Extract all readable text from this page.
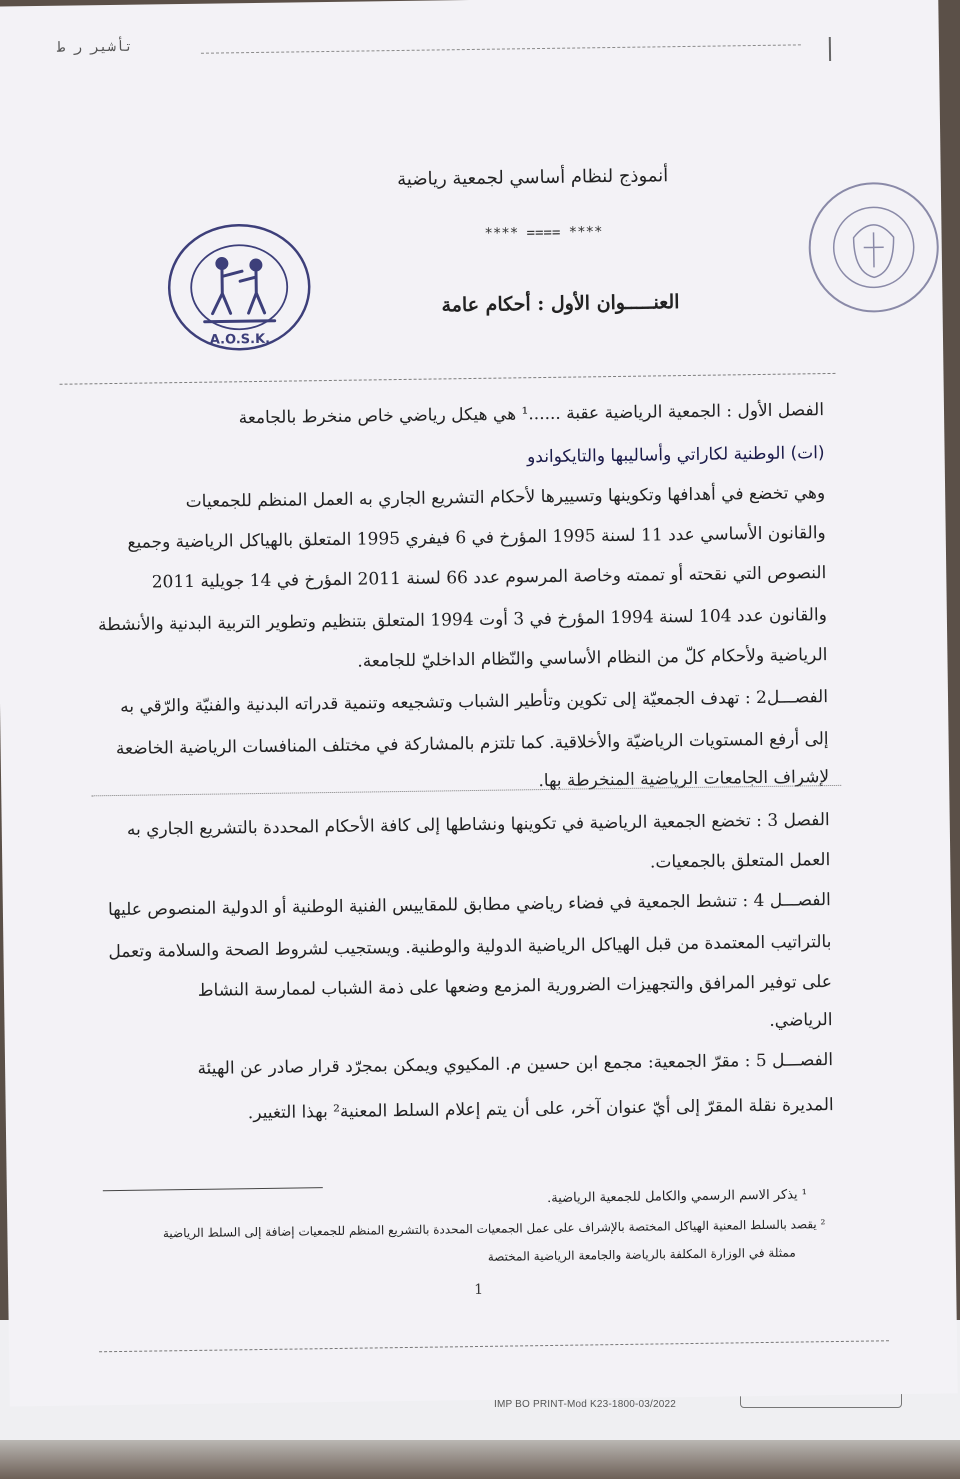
IMP BO PRINT-Mod K23-1800-03/2022
ﺗﺄﺷﻴﺮ ﺭ ﻁ
أنموذج لنظام أساسي لجمعية رياضية
**** ==== ****
العنـــــوان الأول : أحكام عامة
A.O.S.K.
الفصل الأول : الجمعية الرياضية عقبة ......¹ هي هيكل رياضي خاص منخرط بالجامعة
(ات) الوطنية لكاراتي وأساليبها والتايكواندو
وهي تخضع في أهدافها وتكوينها وتسييرها لأحكام التشريع الجاري به العمل المنظم للجمعيات
والقانون الأساسي عدد 11 لسنة 1995 المؤرخ في 6 فيفري 1995 المتعلق بالهياكل الرياضية وجميع
النصوص التي نقحته أو تممته وخاصة المرسوم عدد 66 لسنة 2011 المؤرخ في 14 جويلية 2011
والقانون عدد 104 لسنة 1994 المؤرخ في 3 أوت 1994 المتعلق بتنظيم وتطوير التربية البدنية والأنشطة
الرياضية ولأحكام كلّ من النظام الأساسي والنّظام الداخليّ للجامعة.
الفصـــل2 : تهدف الجمعيّة إلى تكوين وتأطير الشباب وتشجيعه وتنمية قدراته البدنية والفنيّة والرّقي به
إلى أرفع المستويات الرياضيّة والأخلاقية. كما تلتزم بالمشاركة في مختلف المنافسات الرياضية الخاضعة
لإشراف الجامعات الرياضية المنخرطة بها.
الفصل 3 : تخضع الجمعية الرياضية في تكوينها ونشاطها إلى كافة الأحكام المحددة بالتشريع الجاري به
العمل المتعلق بالجمعيات.
الفصـــل 4 : تنشط الجمعية في فضاء رياضي مطابق للمقاييس الفنية الوطنية أو الدولية المنصوص عليها
بالتراتيب المعتمدة من قبل الهياكل الرياضية الدولية والوطنية. ويستجيب لشروط الصحة والسلامة وتعمل
على توفير المرافق والتجهيزات الضرورية المزمع وضعها على ذمة الشباب لممارسة النشاط
الرياضي.
الفصـــل 5 : مقرّ الجمعية: مجمع ابن حسين م. المكيوي ويمكن بمجرّد قرار صادر عن الهيئة
المديرة نقلة المقرّ إلى أيّ عنوان آخر، على أن يتم إعلام السلط المعنية² بهذا التغيير.
¹ يذكر الاسم الرسمي والكامل للجمعية الرياضية.
² يقصد بالسلط المعنية الهياكل المختصة بالإشراف على عمل الجمعيات المحددة بالتشريع المنظم للجمعيات إضافة إلى السلط الرياضية
ممثلة في الوزارة المكلفة بالرياضة والجامعة الرياضية المختصة
1
